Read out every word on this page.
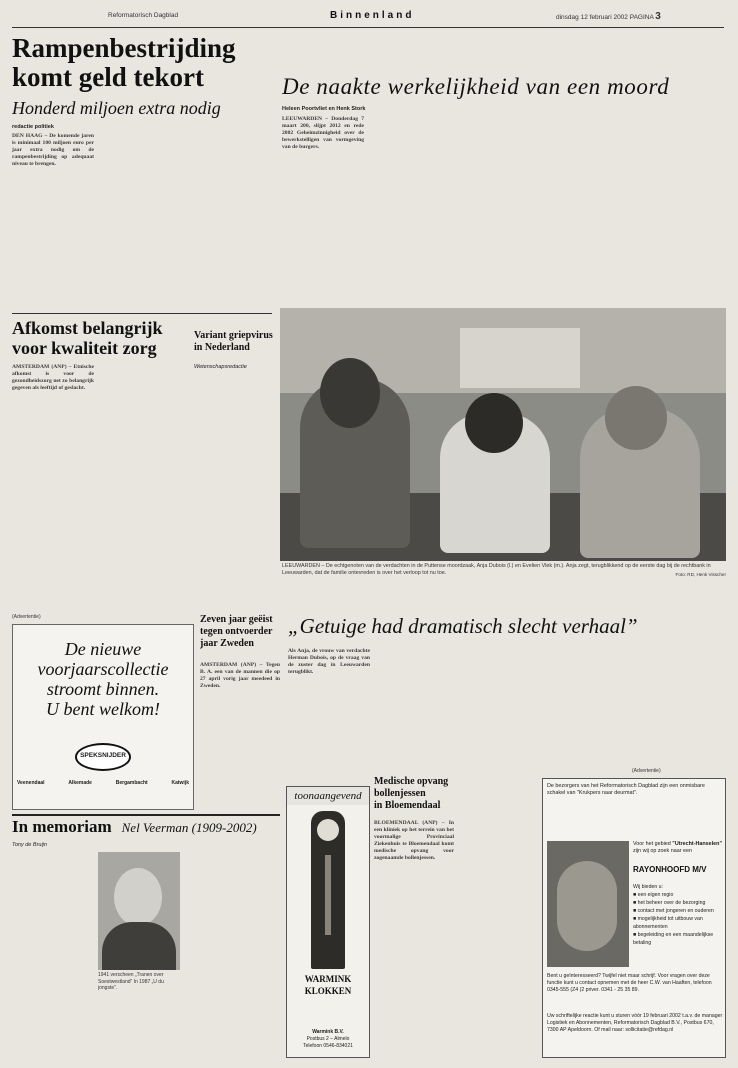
Reformatorisch Dagblad	Binnenland	dinsdag 12 februari 2002 PAGINA 3
Rampenbestrijding
komt geld tekort
Honderd miljoen extra nodig
redactie politiek
DEN HAAG – De komende jaren is minimaal 100 miljoen euro per jaar extra nodig om de rampenbestrijding op adequaat niveau te brengen.
De naakte werkelijkheid van een moord
Heleen Poortvliet en Henk Stork
LEEUWARDEN – Donderdag 7 maart 200, slijpt 2012 en rede 2002 Geheimzinnigheid over de bewerkstelligen van vormgeving van de burgers.
Afkomst belangrijk
voor kwaliteit zorg
AMSTERDAM (ANP) – Etnische afkomst is voor de gezondheidszorg net zo belangrijk gegeven als leeftijd of geslacht.
Variant griepvirus
in Nederland
Wetenschapsredactie
LEEUWARDEN – De echtgenoten van de verdachten in de Puttense moordzaak, Anja Dubois (l.) en Evelien Vlek (m.). Anja zegt, terugblikkend op de eerste dag bij de rechtbank in Leeuwarden, dat de familie ontevreden is over het verloop tot nu toe.	Foto: RD, Henk Visscher
(Advertentie)
De nieuwe
voorjaarscollectie
stroomt binnen.
U bent welkom!
SPEKSNIJDER
Veenendaal	Alkemade	Bergambacht	Katwijk
Zeven jaar geëist
tegen ontvoerder
jaar Zweden
AMSTERDAM (ANP) – Tegen B. A. een van de mannen die op 27 april vorig jaar meedeed in Zweden.
„Getuige had dramatisch slecht verhaal”
Als Anja, de vrouw van verdachte Herman Dubois, op de vraag van de zuster dag in Leeuwarden terugblikt.
In memoriam Nel Veerman (1909-2002)
Tony de Bruijn
1941 verscheen „Tranen over Soestwestland” In 1987 „U du jongste”.
toonaangevend
WARMINK
KLOKKEN
Warmink B.V.
Postbus 2 – Almelo
Telefoon 0546-834021
Medische opvang
bollenjessen
in Bloemendaal
BLOEMENDAAL (ANP) – In een kliniek op het terrein van het voormalige Provinciaal Ziekenhuis te Bloemendaal komt medische opvang voor zogenaamde bollenjessen.
(Advertentie)
De bezorgers van het Reformatorisch Dagblad zijn een onmisbare schakel van "Krukpers naar deurmat".
Voor het gebied "Utrecht-Hanselen" zijn wij op zoek naar een
RAYONHOOFD M/V
Wij bieden u:
■ een eigen regio
■ het beheer over de bezorging
■ contact met jongeren en ouderen
■ mogelijkheid tot uitbouw van abonnementen
■ begeleiding en een maandelijkse betaling
Bent u geïnteresseerd? Twijfel niet maar schrijf. Voor vragen over deze functie kunt u contact opnemen met de heer C.W. van Haaften, telefoon 0345-555 (Z4 (2 priver. 0341 - 25 35 89.
Uw schriftelijke reactie kunt u sturen vóór 19 februari 2002 t.a.v. de manager Logistiek en Abonnementen, Reformatorisch Dagblad B.V., Postbus 670, 7300 AP Apeldoorn. Of mail naar: sollicitatie@refdag.nl
